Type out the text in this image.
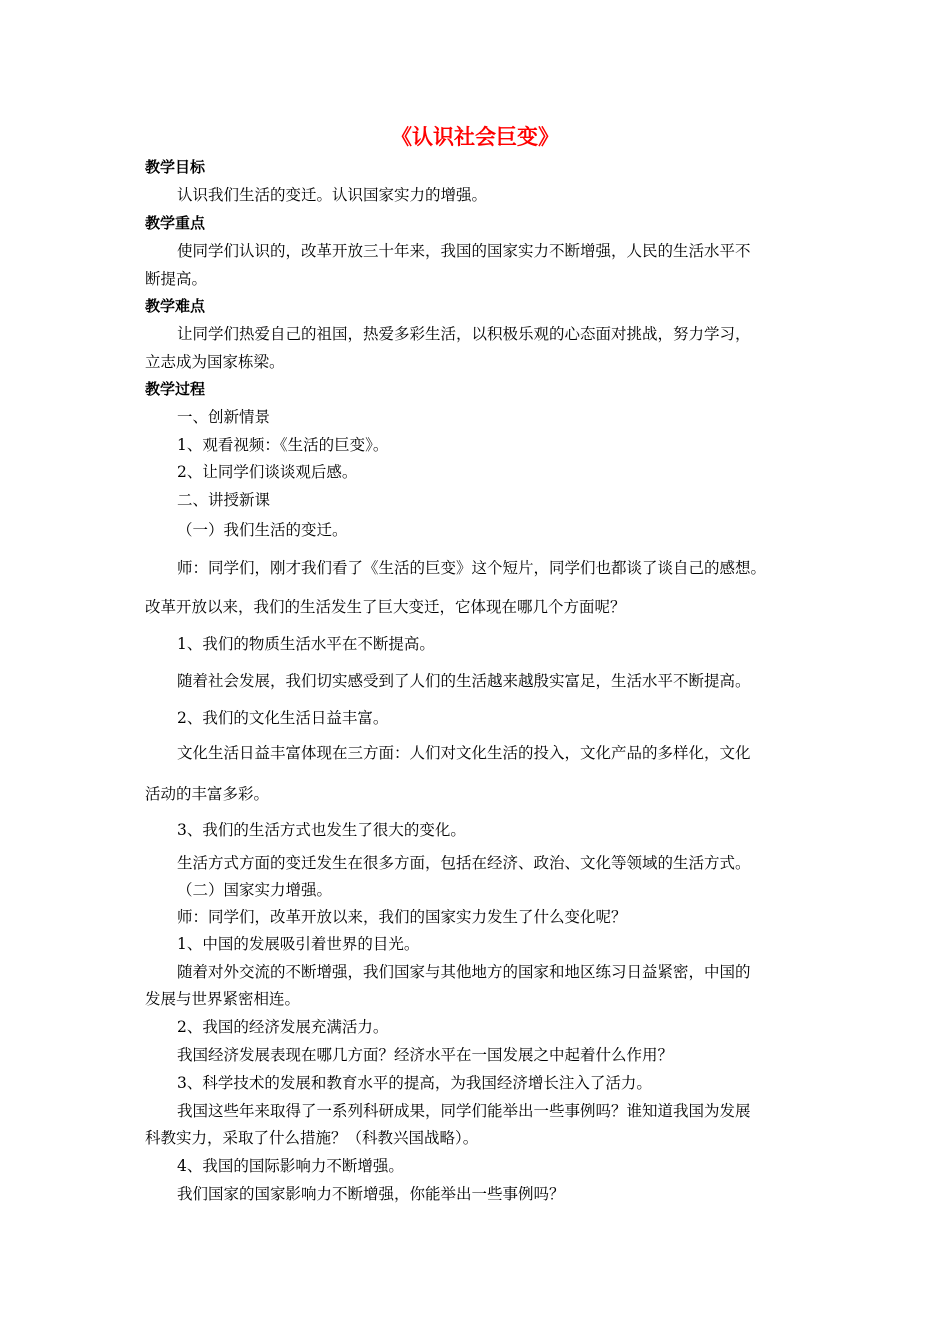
《认识社会巨变》
教学目标
认识我们生活的变迁。认识国家实力的增强。
教学重点
使同学们认识的，改革开放三十年来，我国的国家实力不断增强，人民的生活水平不
断提高。
教学难点
让同学们热爱自己的祖国，热爱多彩生活，以积极乐观的心态面对挑战，努力学习，
立志成为国家栋梁。
教学过程
一、创新情景
1、观看视频：《生活的巨变》。
2、让同学们谈谈观后感。
二、讲授新课
（一）我们生活的变迁。
师：同学们，刚才我们看了《生活的巨变》这个短片，同学们也都谈了谈自己的感想。
改革开放以来，我们的生活发生了巨大变迁，它体现在哪几个方面呢？
1、我们的物质生活水平在不断提高。
随着社会发展，我们切实感受到了人们的生活越来越殷实富足，生活水平不断提高。
2、我们的文化生活日益丰富。
文化生活日益丰富体现在三方面：人们对文化生活的投入，文化产品的多样化，文化
活动的丰富多彩。
3、我们的生活方式也发生了很大的变化。
生活方式方面的变迁发生在很多方面，包括在经济、政治、文化等领域的生活方式。
（二）国家实力增强。
师：同学们，改革开放以来，我们的国家实力发生了什么变化呢？
1、中国的发展吸引着世界的目光。
随着对外交流的不断增强，我们国家与其他地方的国家和地区练习日益紧密，中国的
发展与世界紧密相连。
2、我国的经济发展充满活力。
我国经济发展表现在哪几方面？经济水平在一国发展之中起着什么作用？
3、科学技术的发展和教育水平的提高，为我国经济增长注入了活力。
我国这些年来取得了一系列科研成果，同学们能举出一些事例吗？谁知道我国为发展
科教实力，采取了什么措施？（科教兴国战略）。
4、我国的国际影响力不断增强。
我们国家的国家影响力不断增强，你能举出一些事例吗？
